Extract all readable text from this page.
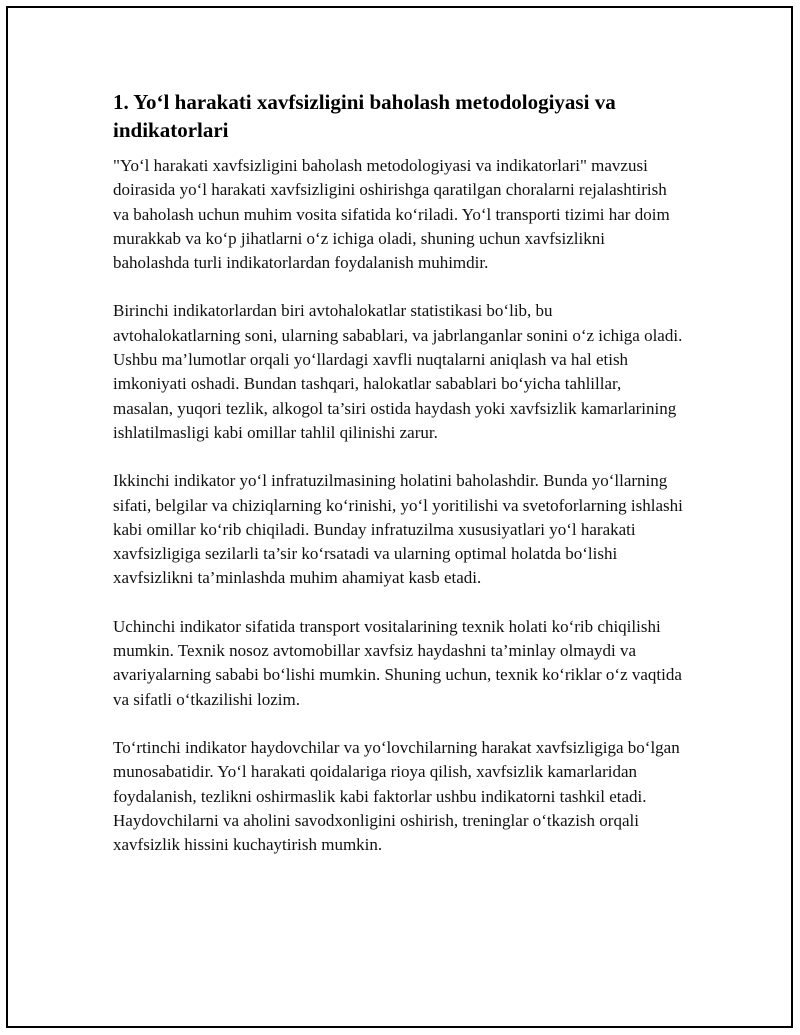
1. Yo‘l harakati xavfsizligini baholash metodologiyasi va indikatorlari

"Yo‘l harakati xavfsizligini baholash metodologiyasi va indikatorlari" mavzusi doirasida yo‘l harakati xavfsizligini oshirishga qaratilgan choralarni rejalashtirish va baholash uchun muhim vosita sifatida ko‘riladi. Yo‘l transporti tizimi har doim murakkab va ko‘p jihatlarni o‘z ichiga oladi, shuning uchun xavfsizlikni baholashda turli indikatorlardan foydalanish muhimdir.

Birinchi indikatorlardan biri avtohalokatlar statistikasi bo‘lib, bu avtohalokatlarning soni, ularning sabablari, va jabrlanganlar sonini o‘z ichiga oladi. Ushbu ma’lumotlar orqali yo‘llardagi xavfli nuqtalarni aniqlash va hal etish imkoniyati oshadi. Bundan tashqari, halokatlar sabablari bo‘yicha tahlillar, masalan, yuqori tezlik, alkogol ta’siri ostida haydash yoki xavfsizlik kamarlarining ishlatilmasligi kabi omillar tahlil qilinishi zarur.

Ikkinchi indikator yo‘l infratuzilmasining holatini baholashdir. Bunda yo‘llarning sifati, belgilar va chiziqlarning ko‘rinishi, yo‘l yoritilishi va svetoforlarning ishlashi kabi omillar ko‘rib chiqiladi. Bunday infratuzilma xususiyatlari yo‘l harakati xavfsizligiga sezilarli ta’sir ko‘rsatadi va ularning optimal holatda bo‘lishi xavfsizlikni ta’minlashda muhim ahamiyat kasb etadi.

Uchinchi indikator sifatida transport vositalarining texnik holati ko‘rib chiqilishi mumkin. Texnik nosoz avtomobillar xavfsiz haydashni ta’minlay olmaydi va avariyalarning sababi bo‘lishi mumkin. Shuning uchun, texnik ko‘riklar o‘z vaqtida va sifatli o‘tkazilishi lozim.

To‘rtinchi indikator haydovchilar va yo‘lovchilarning harakat xavfsizligiga bo‘lgan munosabatidir. Yo‘l harakati qoidalariga rioya qilish, xavfsizlik kamarlaridan foydalanish, tezlikni oshirmaslik kabi faktorlar ushbu indikatorni tashkil etadi. Haydovchilarni va aholini savodxonligini oshirish, treninglar o‘tkazish orqali xavfsizlik hissini kuchaytirish mumkin.
